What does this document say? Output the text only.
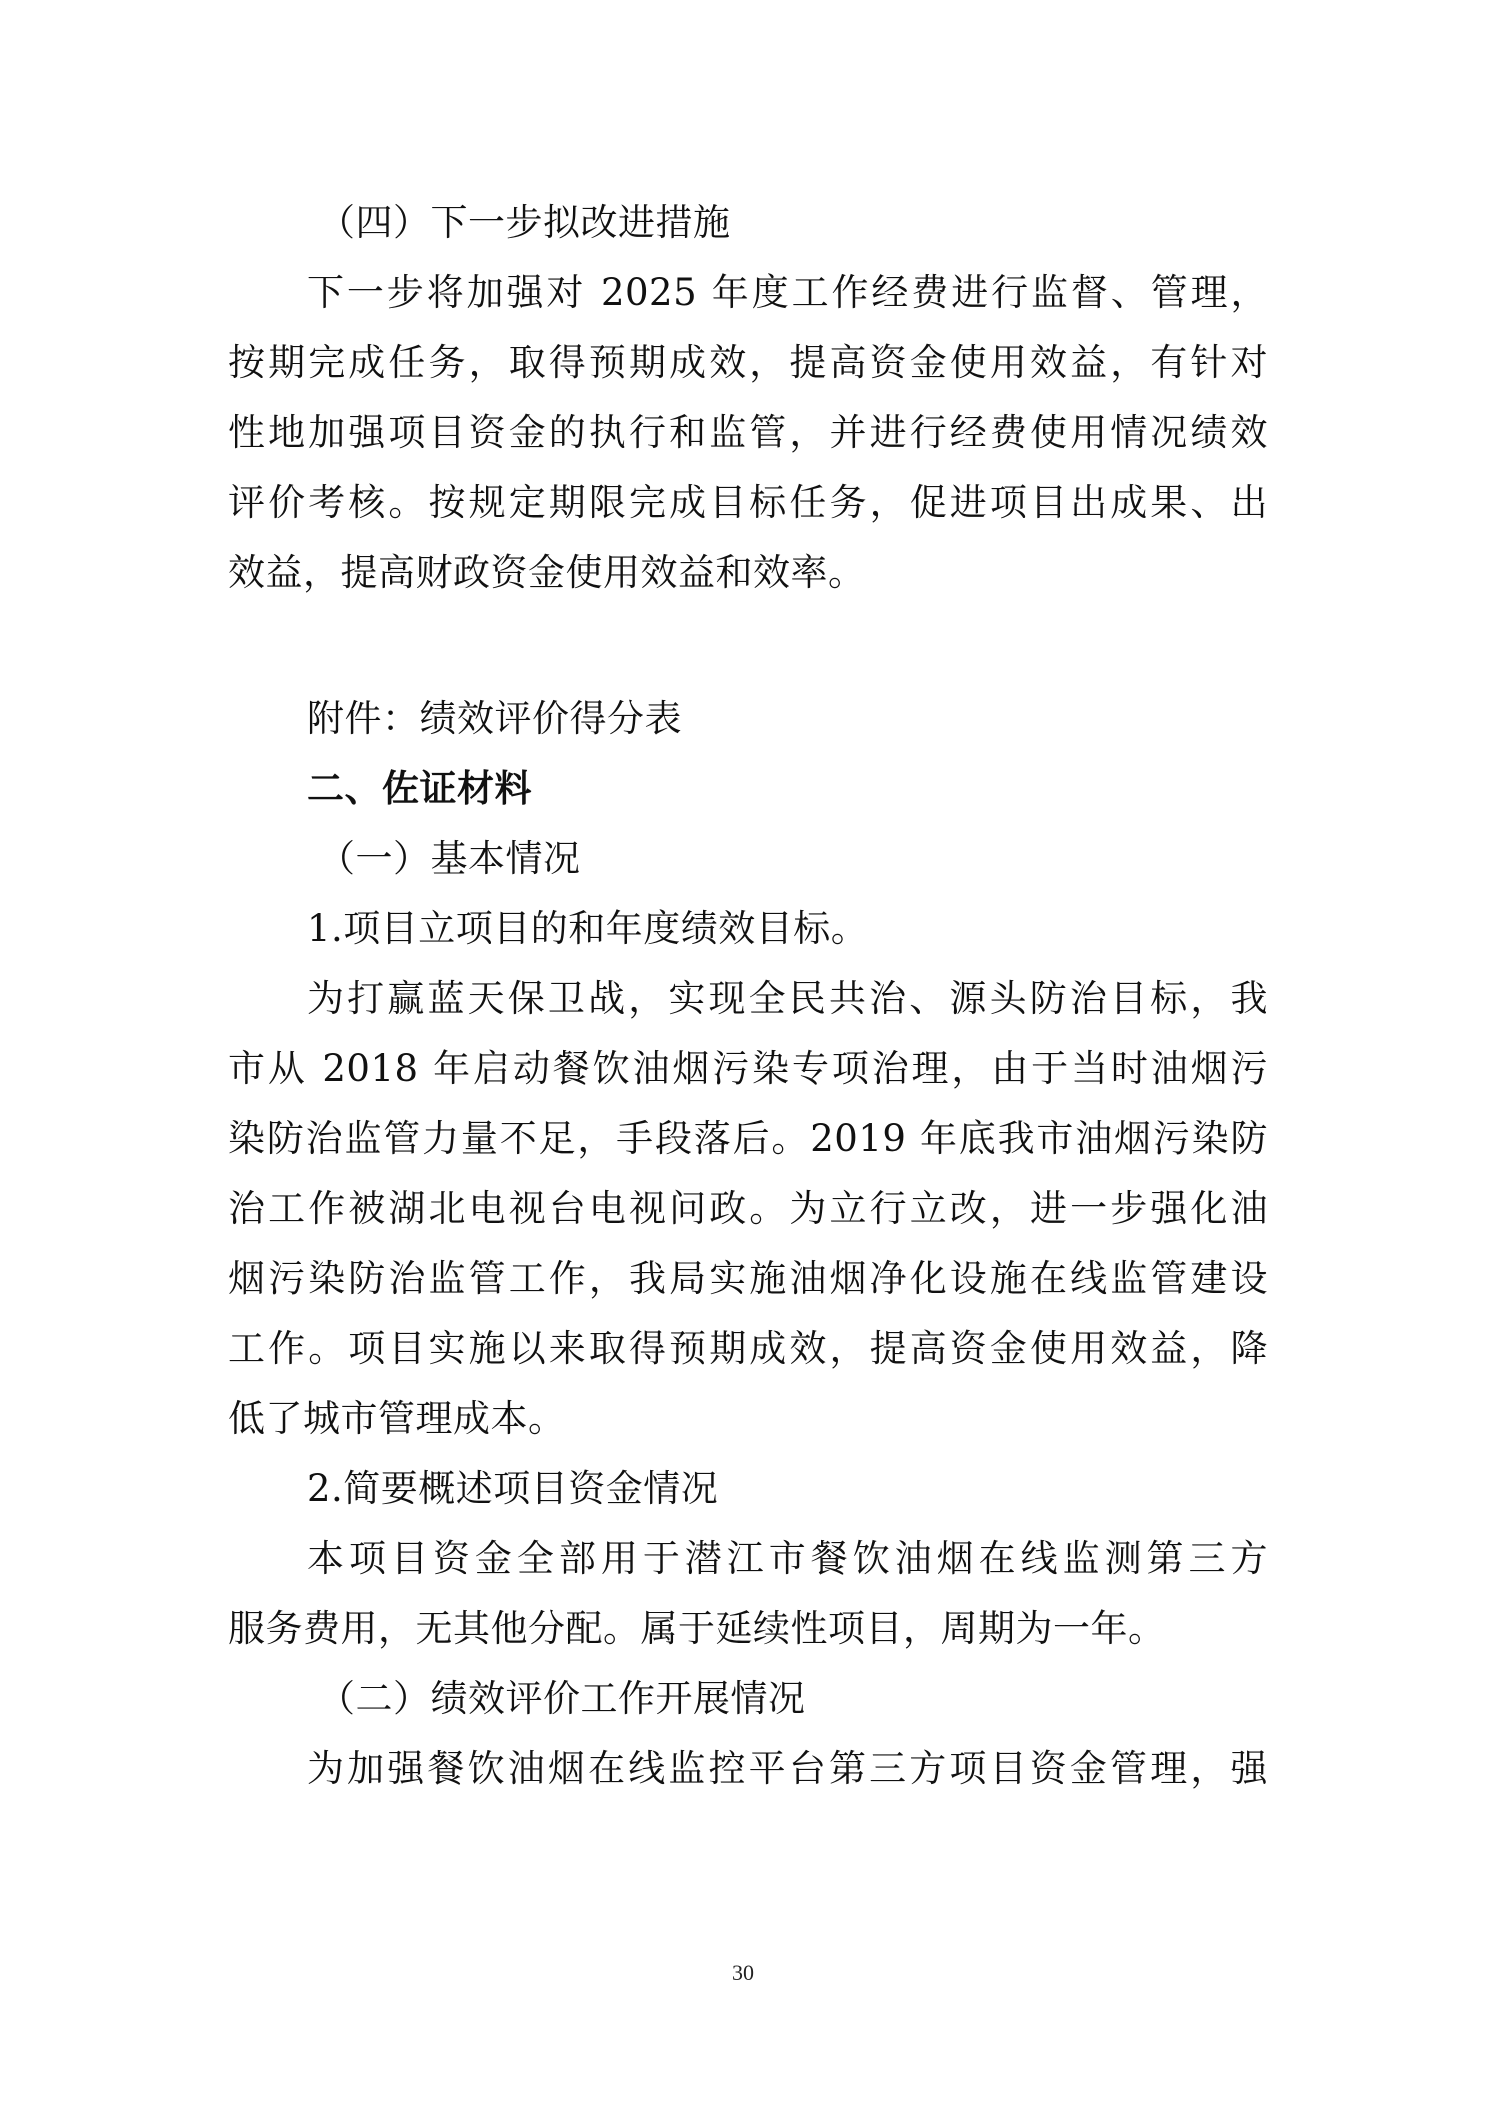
（四）下一步拟改进措施
下一步将加强对 2025 年度工作经费进行监督、管理，
按期完成任务，取得预期成效，提高资金使用效益，有针对
性地加强项目资金的执行和监管，并进行经费使用情况绩效
评价考核。按规定期限完成目标任务，促进项目出成果、出
效益，提高财政资金使用效益和效率。
附件：绩效评价得分表
二、佐证材料
（一）基本情况
1.项目立项目的和年度绩效目标。
为打赢蓝天保卫战，实现全民共治、源头防治目标，我
市从 2018 年启动餐饮油烟污染专项治理，由于当时油烟污
染防治监管力量不足，手段落后。2019 年底我市油烟污染防
治工作被湖北电视台电视问政。为立行立改，进一步强化油
烟污染防治监管工作，我局实施油烟净化设施在线监管建设
工作。项目实施以来取得预期成效，提高资金使用效益，降
低了城市管理成本。
2.简要概述项目资金情况
本项目资金全部用于潜江市餐饮油烟在线监测第三方
服务费用，无其他分配。属于延续性项目，周期为一年。
（二）绩效评价工作开展情况
为加强餐饮油烟在线监控平台第三方项目资金管理，强
30
